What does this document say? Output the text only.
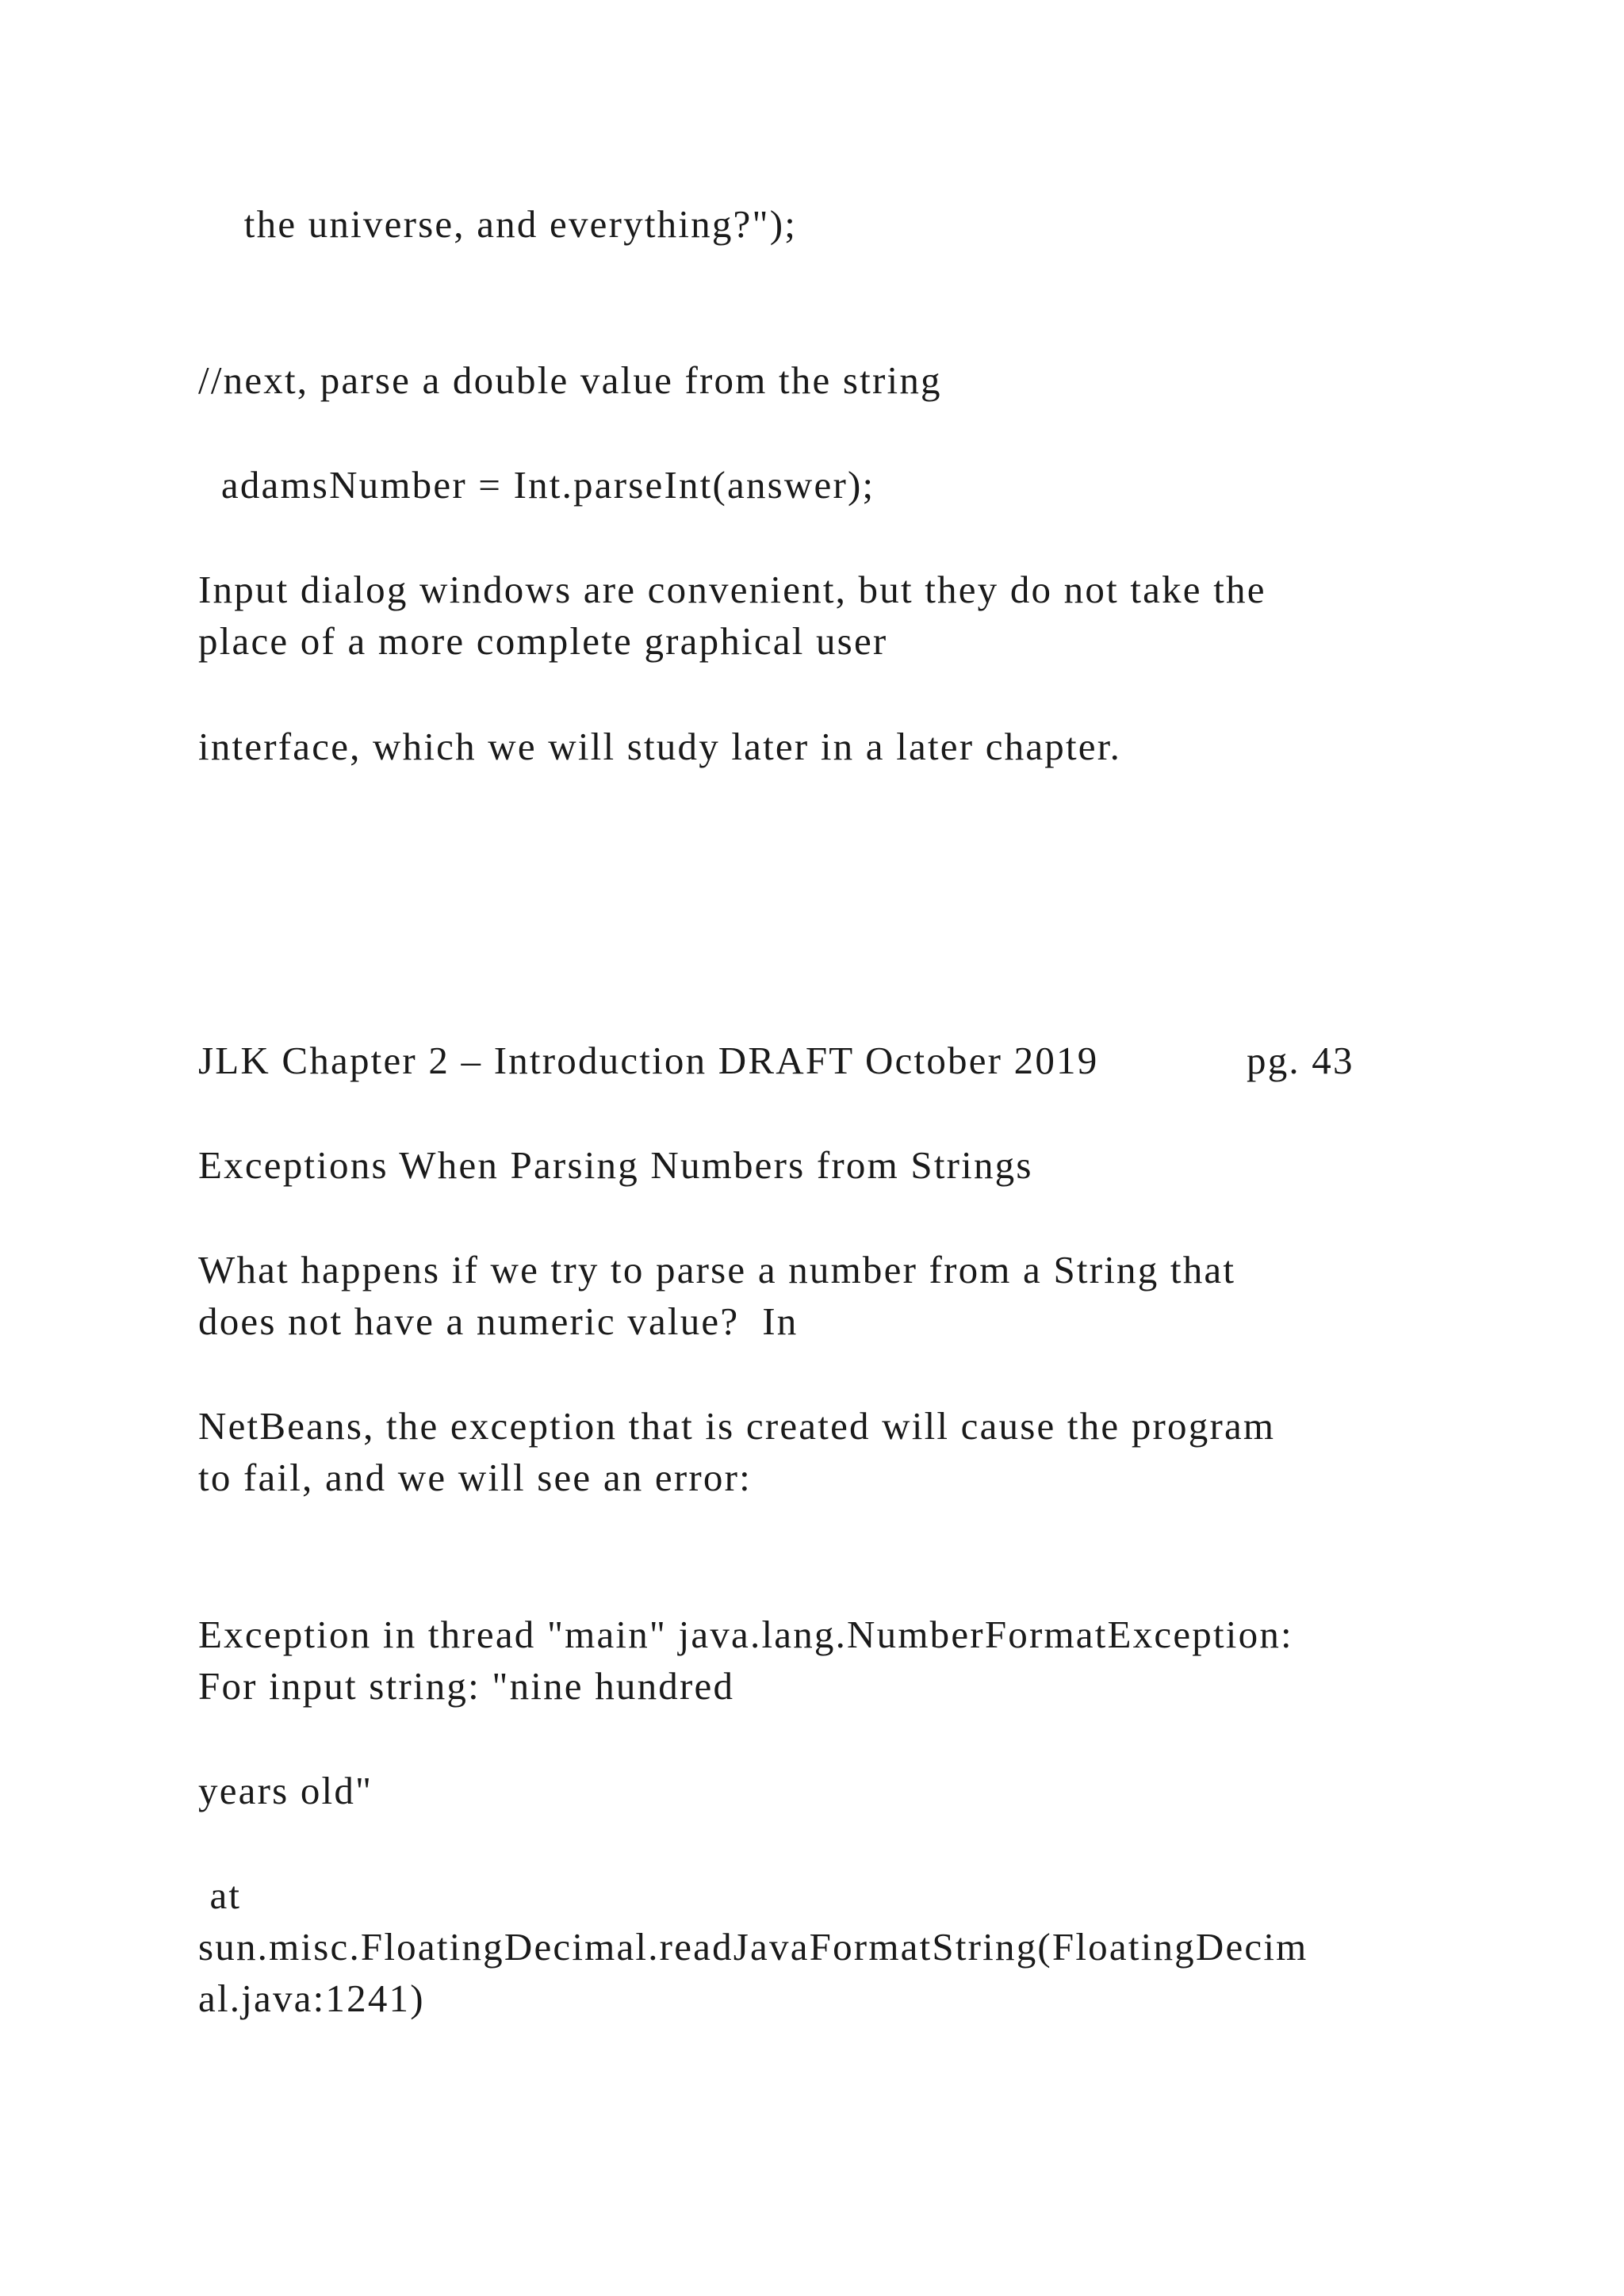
the universe, and everything?");

//next, parse a double value from the string

adamsNumber = Int.parseInt(answer);

Input dialog windows are convenient, but they do not take the

place of a more complete graphical user

interface, which we will study later in a later chapter.

JLK Chapter 2 – Introduction DRAFT October 2019	pg. 43

Exceptions When Parsing Numbers from Strings

What happens if we try to parse a number from a String that

does not have a numeric value?  In

NetBeans, the exception that is created will cause the program

to fail, and we will see an error:

Exception in thread "main" java.lang.NumberFormatException:

For input string: "nine hundred

years old"

at

sun.misc.FloatingDecimal.readJavaFormatString(FloatingDecim

al.java:1241)
